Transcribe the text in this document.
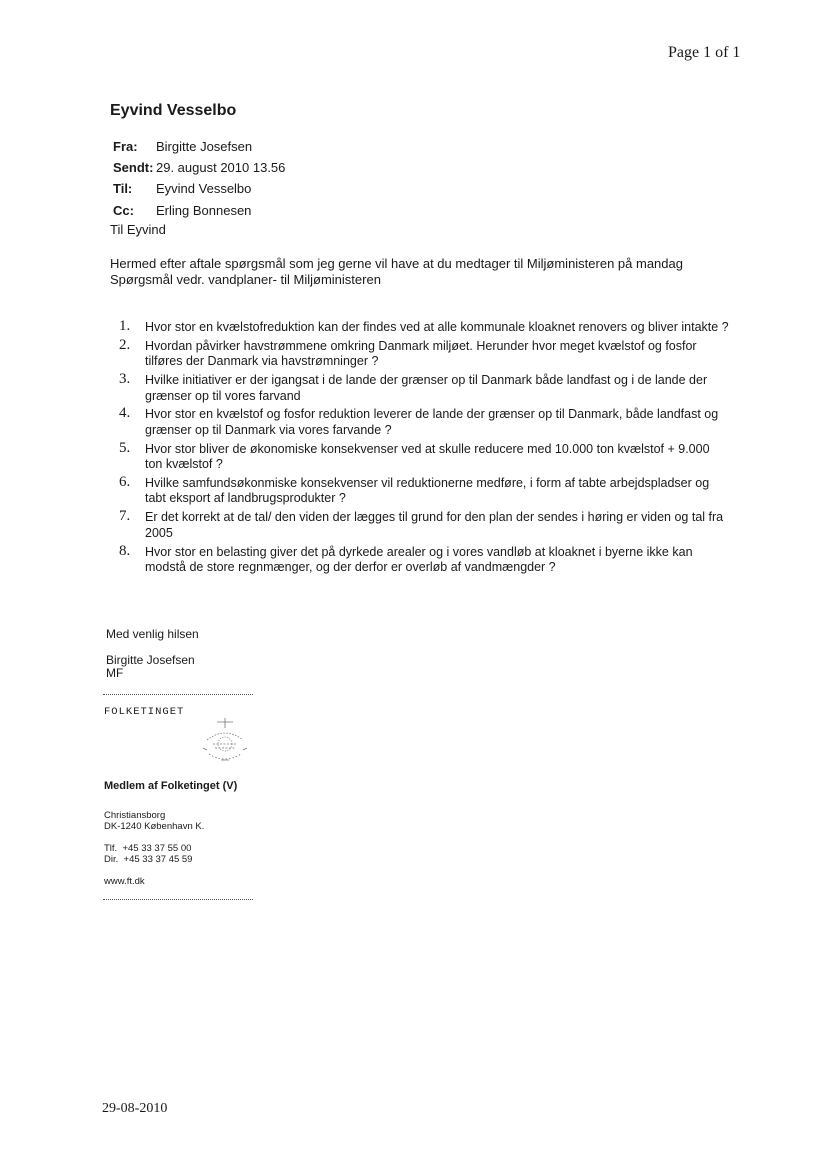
Page 1 of 1
Eyvind Vesselbo
Fra: Birgitte Josefsen
Sendt: 29. august 2010 13.56
Til: Eyvind Vesselbo
Cc: Erling Bonnesen
Til Eyvind
Hermed efter aftale spørgsmål som jeg gerne vil have at du medtager til Miljøministeren på mandag
Spørgsmål vedr. vandplaner- til Miljøministeren
1. Hvor stor en kvælstofreduktion kan der findes ved at alle kommunale kloaknet renovers og bliver intakte ?
2. Hvordan påvirker havstrømmene omkring Danmark miljøet. Herunder hvor meget kvælstof og fosfor tilføres der Danmark via havstrømninger ?
3. Hvilke initiativer er der igangsat i de lande der grænser op til Danmark både landfast og i de lande der grænser op til vores farvand
4. Hvor stor en kvælstof og fosfor reduktion leverer de lande der grænser op til Danmark, både landfast og grænser op til Danmark via vores farvande ?
5. Hvor stor bliver de økonomiske konsekvenser ved at skulle reducere med 10.000 ton kvælstof + 9.000 ton kvælstof ?
6. Hvilke samfundsøkonmiske konsekvenser vil reduktionerne medføre, i form af tabte arbejdspladser og tabt eksport af landbrugsprodukter ?
7. Er det korrekt at de tal/ den viden der lægges til grund for den plan der sendes i høring er viden og tal fra 2005
8. Hvor stor en belasting giver det på dyrkede arealer og i vores vandløb at kloaknet i byerne ikke kan modstå de store regnmænger, og der derfor er overløb af vandmængder ?
Med venlig hilsen
Birgitte Josefsen
MF
FOLKETINGET
Medlem af Folketinget (V)
Christiansborg
DK-1240 København K.
Tlf.  +45 33 37 55 00
Dir.  +45 33 37 45 59
www.ft.dk
29-08-2010
